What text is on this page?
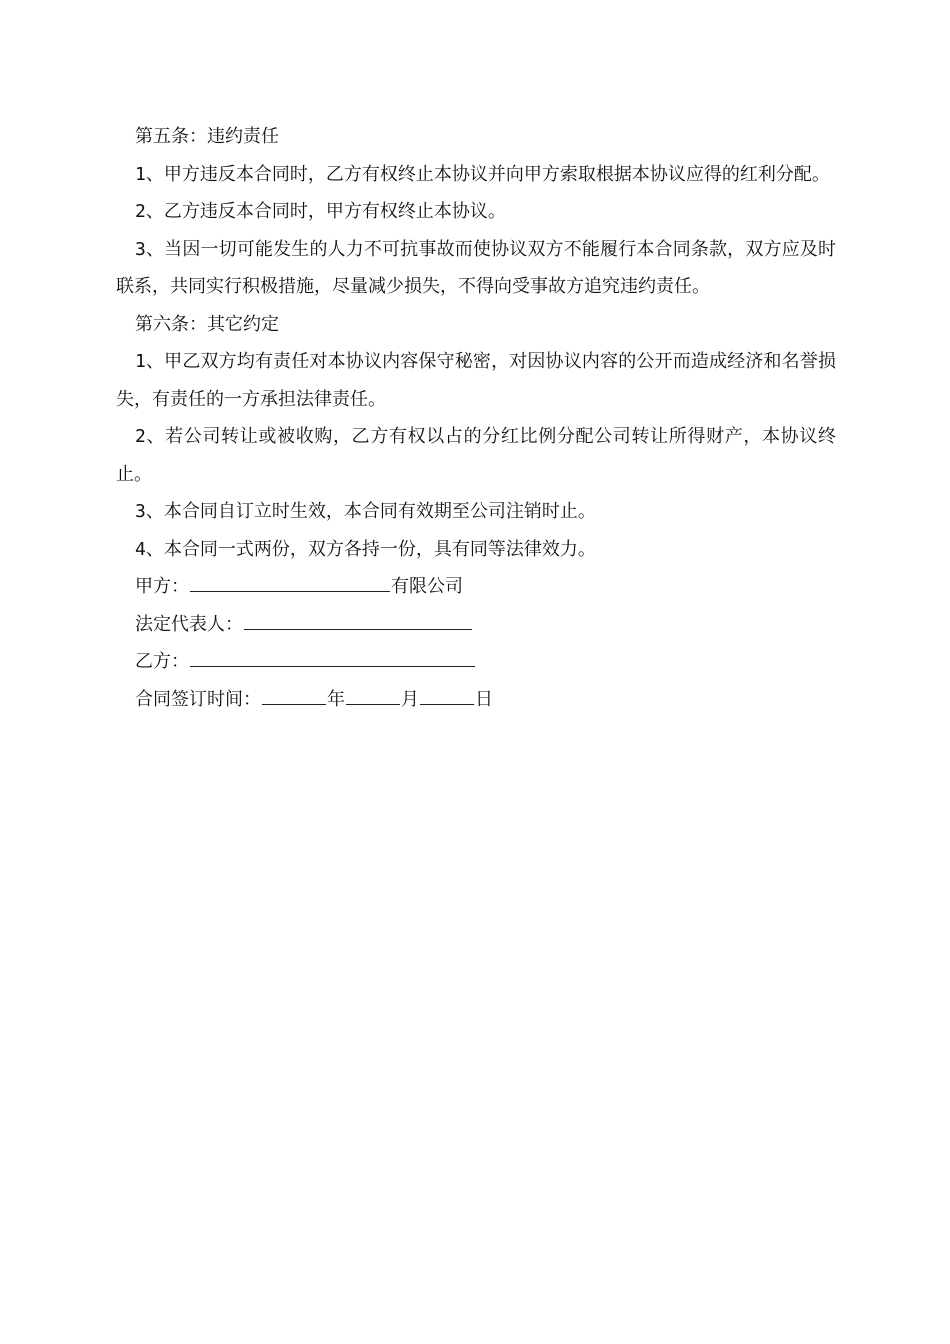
第五条：违约责任

1、甲方违反本合同时，乙方有权终止本协议并向甲方索取根据本协议应得的红利分配。

2、乙方违反本合同时，甲方有权终止本协议。

3、当因一切可能发生的人力不可抗事故而使协议双方不能履行本合同条款，双方应及时联系，共同实行积极措施，尽量减少损失，不得向受事故方追究违约责任。

第六条：其它约定

1、甲乙双方均有责任对本协议内容保守秘密，对因协议内容的公开而造成经济和名誉损失，有责任的一方承担法律责任。

2、若公司转让或被收购，乙方有权以占的分红比例分配公司转让所得财产，本协议终止。

3、本合同自订立时生效，本合同有效期至公司注销时止。

4、本合同一式两份，双方各持一份，具有同等法律效力。

甲方：	有限公司

法定代表人：

乙方：

合同签订时间：	年	月	日
